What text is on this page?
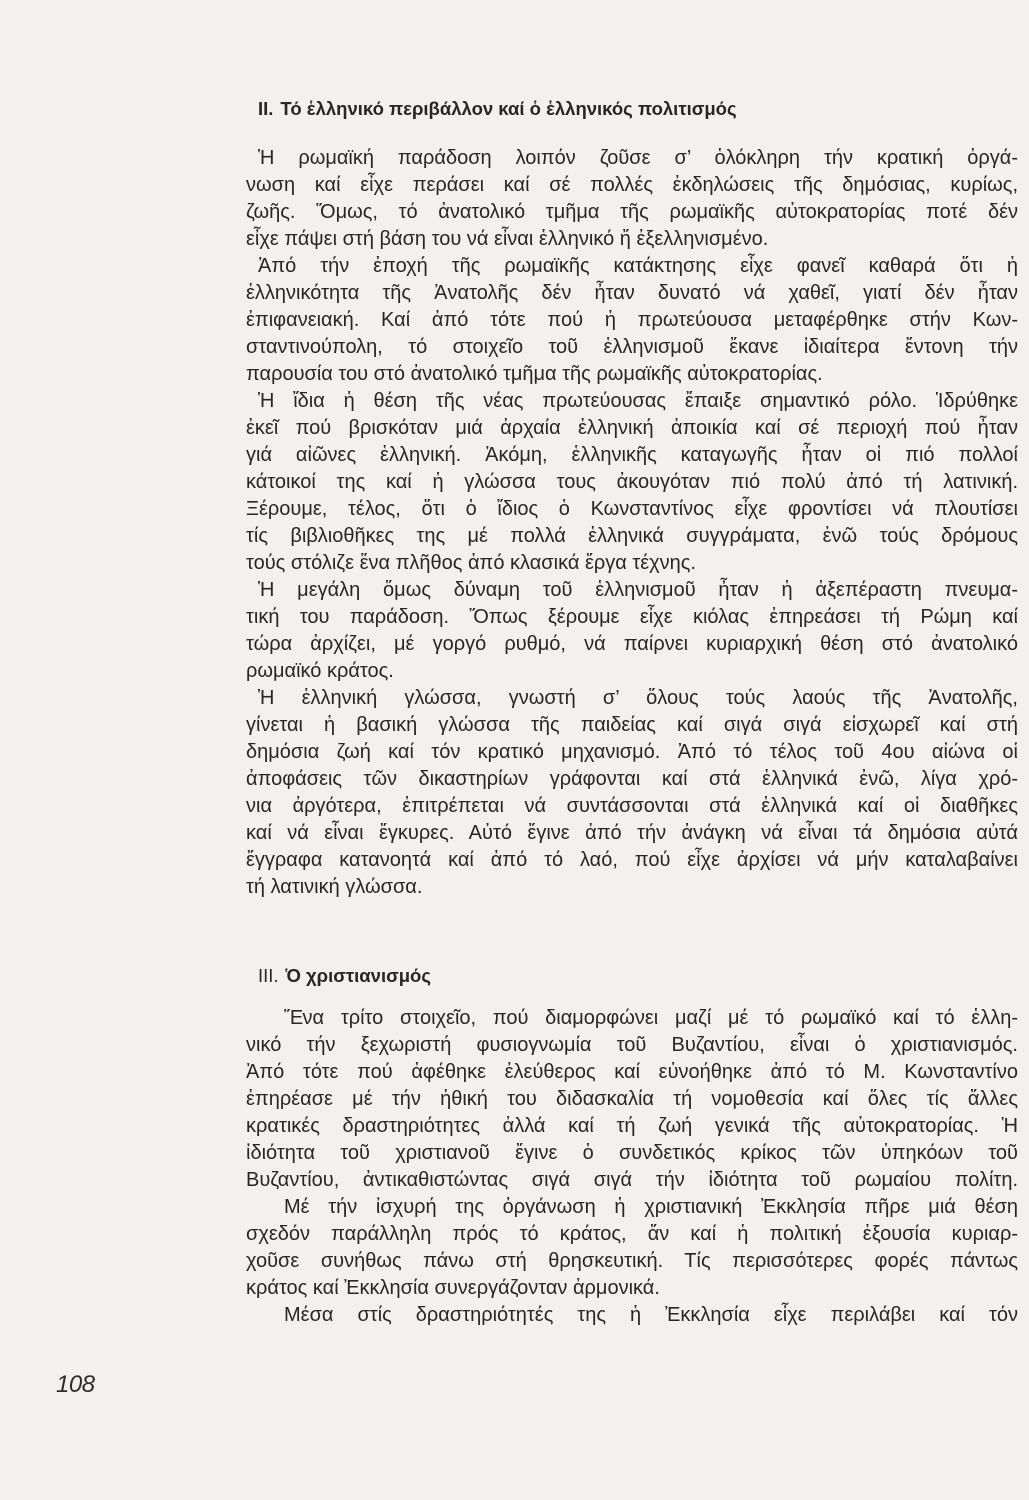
II. Τό ἑλληνικό περιβάλλον καί ὁ ἑλληνικός πολιτισμός
Ἡ ρωμαϊκή παράδοση λοιπόν ζοῦσε σ’ ὁλόκληρη τήν κρατική ὀργά-
νωση καί εἶχε περάσει καί σέ πολλές ἐκδηλώσεις τῆς δημόσιας, κυρίως,
ζωῆς. Ὅμως, τό ἀνατολικό τμῆμα τῆς ρωμαϊκῆς αὐτοκρατορίας ποτέ δέν
εἶχε πάψει στή βάση του νά εἶναι ἑλληνικό ἤ ἐξελληνισμένο.
Ἀπό τήν ἐποχή τῆς ρωμαϊκῆς κατάκτησης εἶχε φανεῖ καθαρά ὅτι ἡ
ἑλληνικότητα τῆς Ἀνατολῆς δέν ἦταν δυνατό νά χαθεῖ, γιατί δέν ἦταν
ἐπιφανειακή. Καί ἀπό τότε πού ἡ πρωτεύουσα μεταφέρθηκε στήν Κων-
σταντινούπολη, τό στοιχεῖο τοῦ ἑλληνισμοῦ ἔκανε ἰδιαίτερα ἔντονη τήν
παρουσία του στό ἀνατολικό τμῆμα τῆς ρωμαϊκῆς αὐτοκρατορίας.
Ἡ ἴδια ἡ θέση τῆς νέας πρωτεύουσας ἔπαιξε σημαντικό ρόλο. Ἱδρύθηκε
ἐκεῖ πού βρισκόταν μιά ἀρχαία ἑλληνική ἀποικία καί σέ περιοχή πού ἦταν
γιά αἰῶνες ἑλληνική. Ἀκόμη, ἑλληνικῆς καταγωγῆς ἦταν οἱ πιό πολλοί
κάτοικοί της καί ἡ γλώσσα τους ἀκουγόταν πιό πολύ ἀπό τή λατινική.
Ξέρουμε, τέλος, ὅτι ὁ ἴδιος ὁ Κωνσταντίνος εἶχε φροντίσει νά πλουτίσει
τίς βιβλιοθῆκες της μέ πολλά ἑλληνικά συγγράματα, ἐνῶ τούς δρόμους
τούς στόλιζε ἕνα πλῆθος ἀπό κλασικά ἔργα τέχνης.
Ἡ μεγάλη ὅμως δύναμη τοῦ ἑλληνισμοῦ ἦταν ἡ ἀξεπέραστη πνευμα-
τική του παράδοση. Ὅπως ξέρουμε εἶχε κιόλας ἐπηρεάσει τή Ρώμη καί
τώρα ἀρχίζει, μέ γοργό ρυθμό, νά παίρνει κυριαρχική θέση στό ἀνατολικό
ρωμαϊκό κράτος.
Ἡ ἑλληνική γλώσσα, γνωστή σ’ ὅλους τούς λαούς τῆς Ἀνατολῆς,
γίνεται ἡ βασική γλώσσα τῆς παιδείας καί σιγά σιγά εἰσχωρεῖ καί στή
δημόσια ζωή καί τόν κρατικό μηχανισμό. Ἀπό τό τέλος τοῦ 4ου αἰώνα οἱ
ἀποφάσεις τῶν δικαστηρίων γράφονται καί στά ἑλληνικά ἐνῶ, λίγα χρό-
νια ἀργότερα, ἐπιτρέπεται νά συντάσσονται στά ἑλληνικά καί οἱ διαθῆκες
καί νά εἶναι ἔγκυρες. Αὐτό ἔγινε ἀπό τήν ἀνάγκη νά εἶναι τά δημόσια αὐτά
ἔγγραφα κατανοητά καί ἀπό τό λαό, πού εἶχε ἀρχίσει νά μήν καταλαβαίνει
τή λατινική γλώσσα.
III. Ὁ χριστιανισμός
Ἕνα τρίτο στοιχεῖο, πού διαμορφώνει μαζί μέ τό ρωμαϊκό καί τό ἑλλη-
νικό τήν ξεχωριστή φυσιογνωμία τοῦ Βυζαντίου, εἶναι ὁ χριστιανισμός.
Ἀπό τότε πού ἀφέθηκε ἐλεύθερος καί εὐνοήθηκε ἀπό τό Μ. Κωνσταντίνο
ἐπηρέασε μέ τήν ἠθική του διδασκαλία τή νομοθεσία καί ὅλες τίς ἄλλες
κρατικές δραστηριότητες ἀλλά καί τή ζωή γενικά τῆς αὐτοκρατορίας. Ἡ
ἰδιότητα τοῦ χριστιανοῦ ἔγινε ὁ συνδετικός κρίκος τῶν ὑπηκόων τοῦ
Βυζαντίου, ἀντικαθιστώντας σιγά σιγά τήν ἰδιότητα τοῦ ρωμαίου πολίτη.
Μέ τήν ἰσχυρή της ὀργάνωση ἡ χριστιανική Ἐκκλησία πῆρε μιά θέση
σχεδόν παράλληλη πρός τό κράτος, ἄν καί ἡ πολιτική ἐξουσία κυριαρ-
χοῦσε συνήθως πάνω στή θρησκευτική. Τίς περισσότερες φορές πάντως
κράτος καί Ἐκκλησία συνεργάζονταν ἁρμονικά.
Μέσα στίς δραστηριότητές της ἡ Ἐκκλησία εἶχε περιλάβει καί τόν
108
